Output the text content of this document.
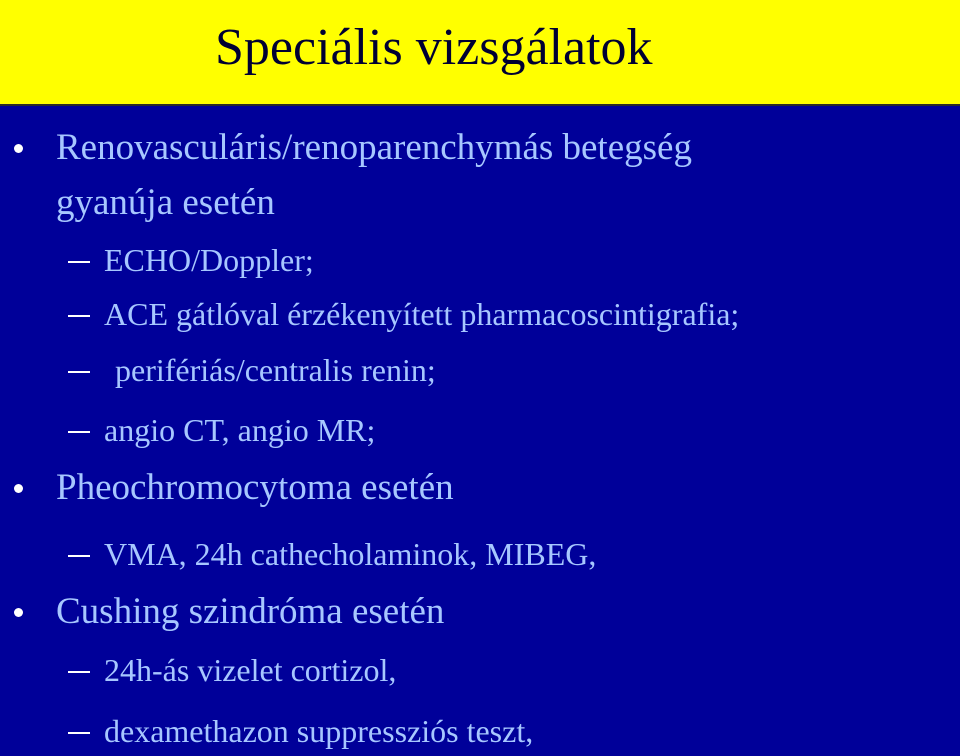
Speciális vizsgálatok
Renovasculáris/renoparenchymás betegség
gyanúja esetén
ECHO/Doppler;
ACE gátlóval érzékenyített pharmacoscintigrafia;
perifériás/centralis renin;
angio CT, angio MR;
Pheochromocytoma esetén
VMA, 24h cathecholaminok, MIBEG,
Cushing szindróma esetén
24h-ás vizelet cortizol,
dexamethazon suppressziós teszt,
